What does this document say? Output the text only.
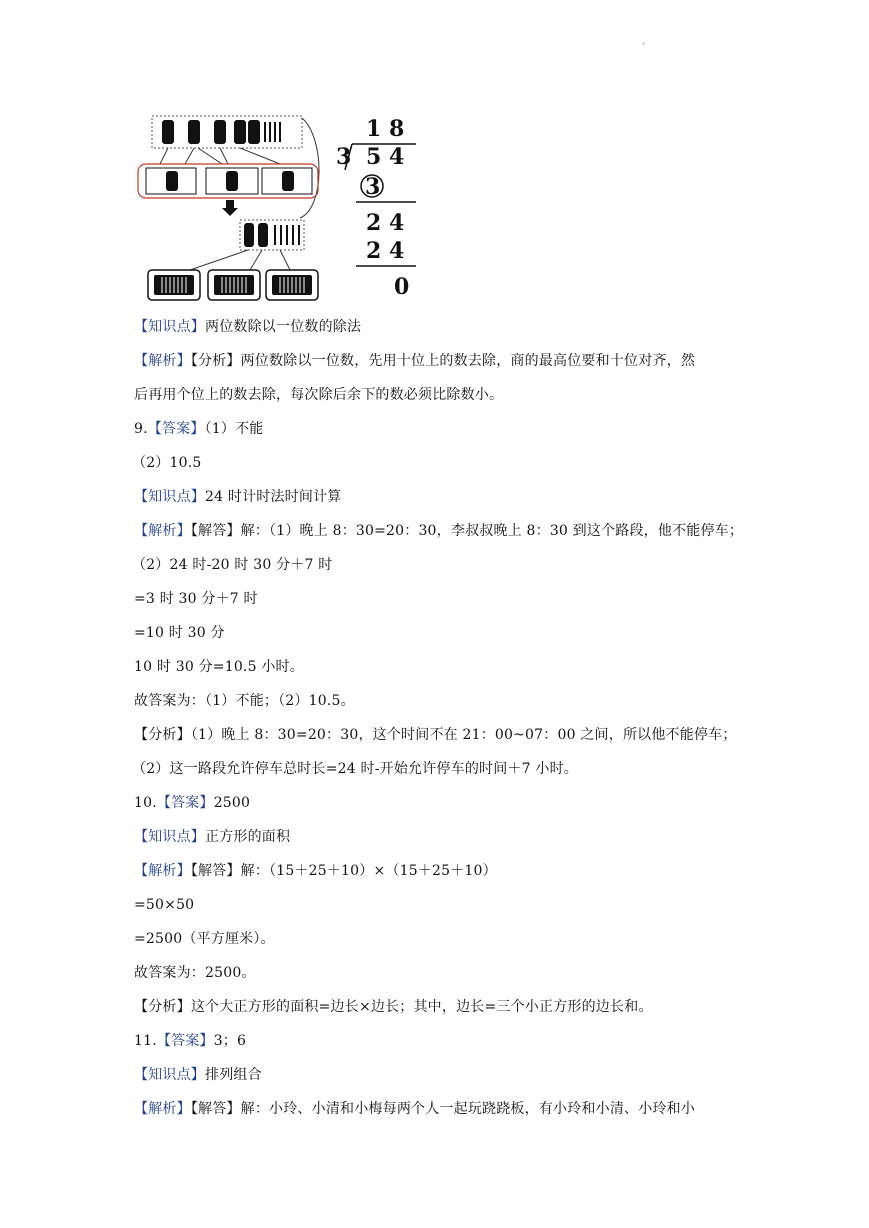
.
1 8
3 5 4
3
2 4
2 4
0
【知识点】两位数除以一位数的除法
【解析】【分析】两位数除以一位数，先用十位上的数去除，商的最高位要和十位对齐，然
后再用个位上的数去除，每次除后余下的数必须比除数小。
9.【答案】（1）不能
（2）10.5
【知识点】24 时计时法时间计算
【解析】【解答】解：（1）晚上 8：30=20：30，李叔叔晚上 8：30 到这个路段，他不能停车；
（2）24 时-20 时 30 分＋7 时
=3 时 30 分＋7 时
=10 时 30 分
10 时 30 分=10.5 小时。
故答案为：（1）不能；（2）10.5。
【分析】（1）晚上 8：30=20：30，这个时间不在 21：00~07：00 之间，所以他不能停车；
（2）这一路段允许停车总时长=24 时-开始允许停车的时间＋7 小时。
10.【答案】2500
【知识点】正方形的面积
【解析】【解答】解：（15＋25＋10）×（15＋25＋10）
=50×50
=2500（平方厘米）。
故答案为：2500。
【分析】这个大正方形的面积=边长×边长；其中，边长=三个小正方形的边长和。
11.【答案】3；6
【知识点】排列组合
【解析】【解答】解：小玲、小清和小梅每两个人一起玩跷跷板，有小玲和小清、小玲和小
